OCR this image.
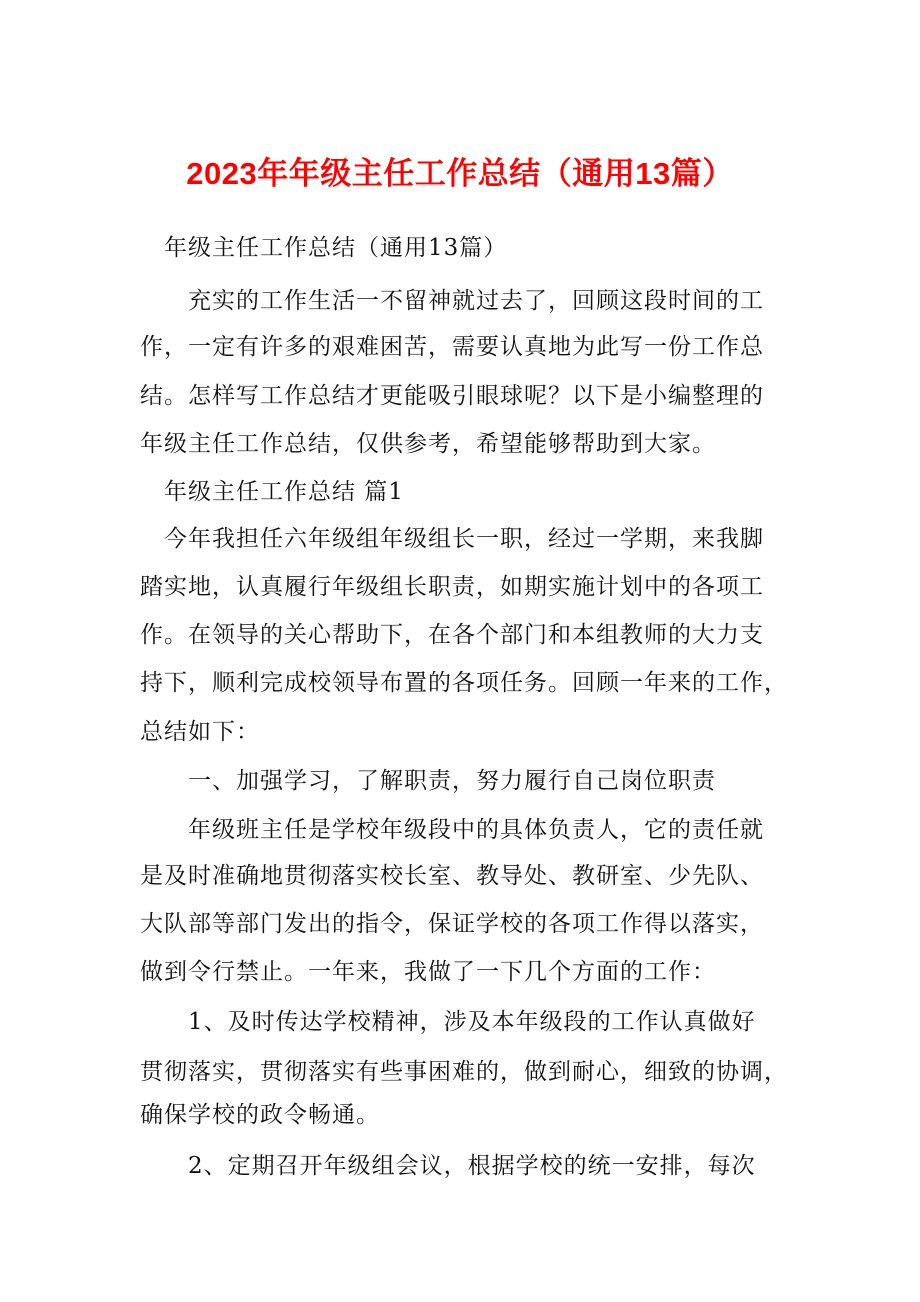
2023年年级主任工作总结（通用13篇）
年级主任工作总结（通用13篇）
充实的工作生活一不留神就过去了，回顾这段时间的工
作，一定有许多的艰难困苦，需要认真地为此写一份工作总
结。怎样写工作总结才更能吸引眼球呢？以下是小编整理的
年级主任工作总结，仅供参考，希望能够帮助到大家。
年级主任工作总结 篇1
今年我担任六年级组年级组长一职，经过一学期，来我脚
踏实地，认真履行年级组长职责，如期实施计划中的各项工
作。在领导的关心帮助下，在各个部门和本组教师的大力支
持下，顺利完成校领导布置的各项任务。回顾一年来的工作，
总结如下：
一、加强学习，了解职责，努力履行自己岗位职责
年级班主任是学校年级段中的具体负责人，它的责任就
是及时准确地贯彻落实校长室、教导处、教研室、少先队、
大队部等部门发出的指令，保证学校的各项工作得以落实，
做到令行禁止。一年来，我做了一下几个方面的工作：
1、及时传达学校精神，涉及本年级段的工作认真做好
贯彻落实，贯彻落实有些事困难的，做到耐心，细致的协调，
确保学校的政令畅通。
2、定期召开年级组会议，根据学校的统一安排，每次
